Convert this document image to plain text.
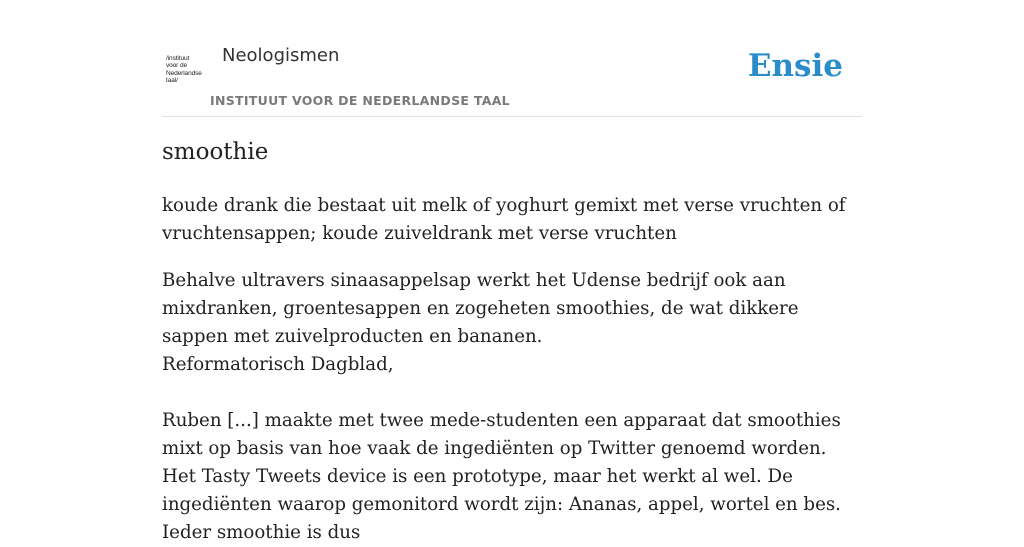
/instituut
voor de
Nederlandse
taal/
Neologismen
INSTITUUT VOOR DE NEDERLANDSE TAAL
Ensie
smoothie
koude drank die bestaat uit melk of yoghurt gemixt met verse vruchten of vruchtensappen; koude zuiveldrank met verse vruchten

Behalve ultravers sinaasappelsap werkt het Udense bedrijf ook aan mixdranken, groentesappen en zogeheten smoothies, de wat dikkere sappen met zuivelproducten en bananen.

Reformatorisch Dagblad,

Ruben [...] maakte met twee mede-studenten een apparaat dat smoothies mixt op basis van hoe vaak de ingediënten op Twitter genoemd worden. Het Tasty Tweets device is een prototype, maar het werkt al wel. De ingediënten waarop gemonitord wordt zijn: Ananas, appel, wortel en bes. Ieder smoothie is dus
